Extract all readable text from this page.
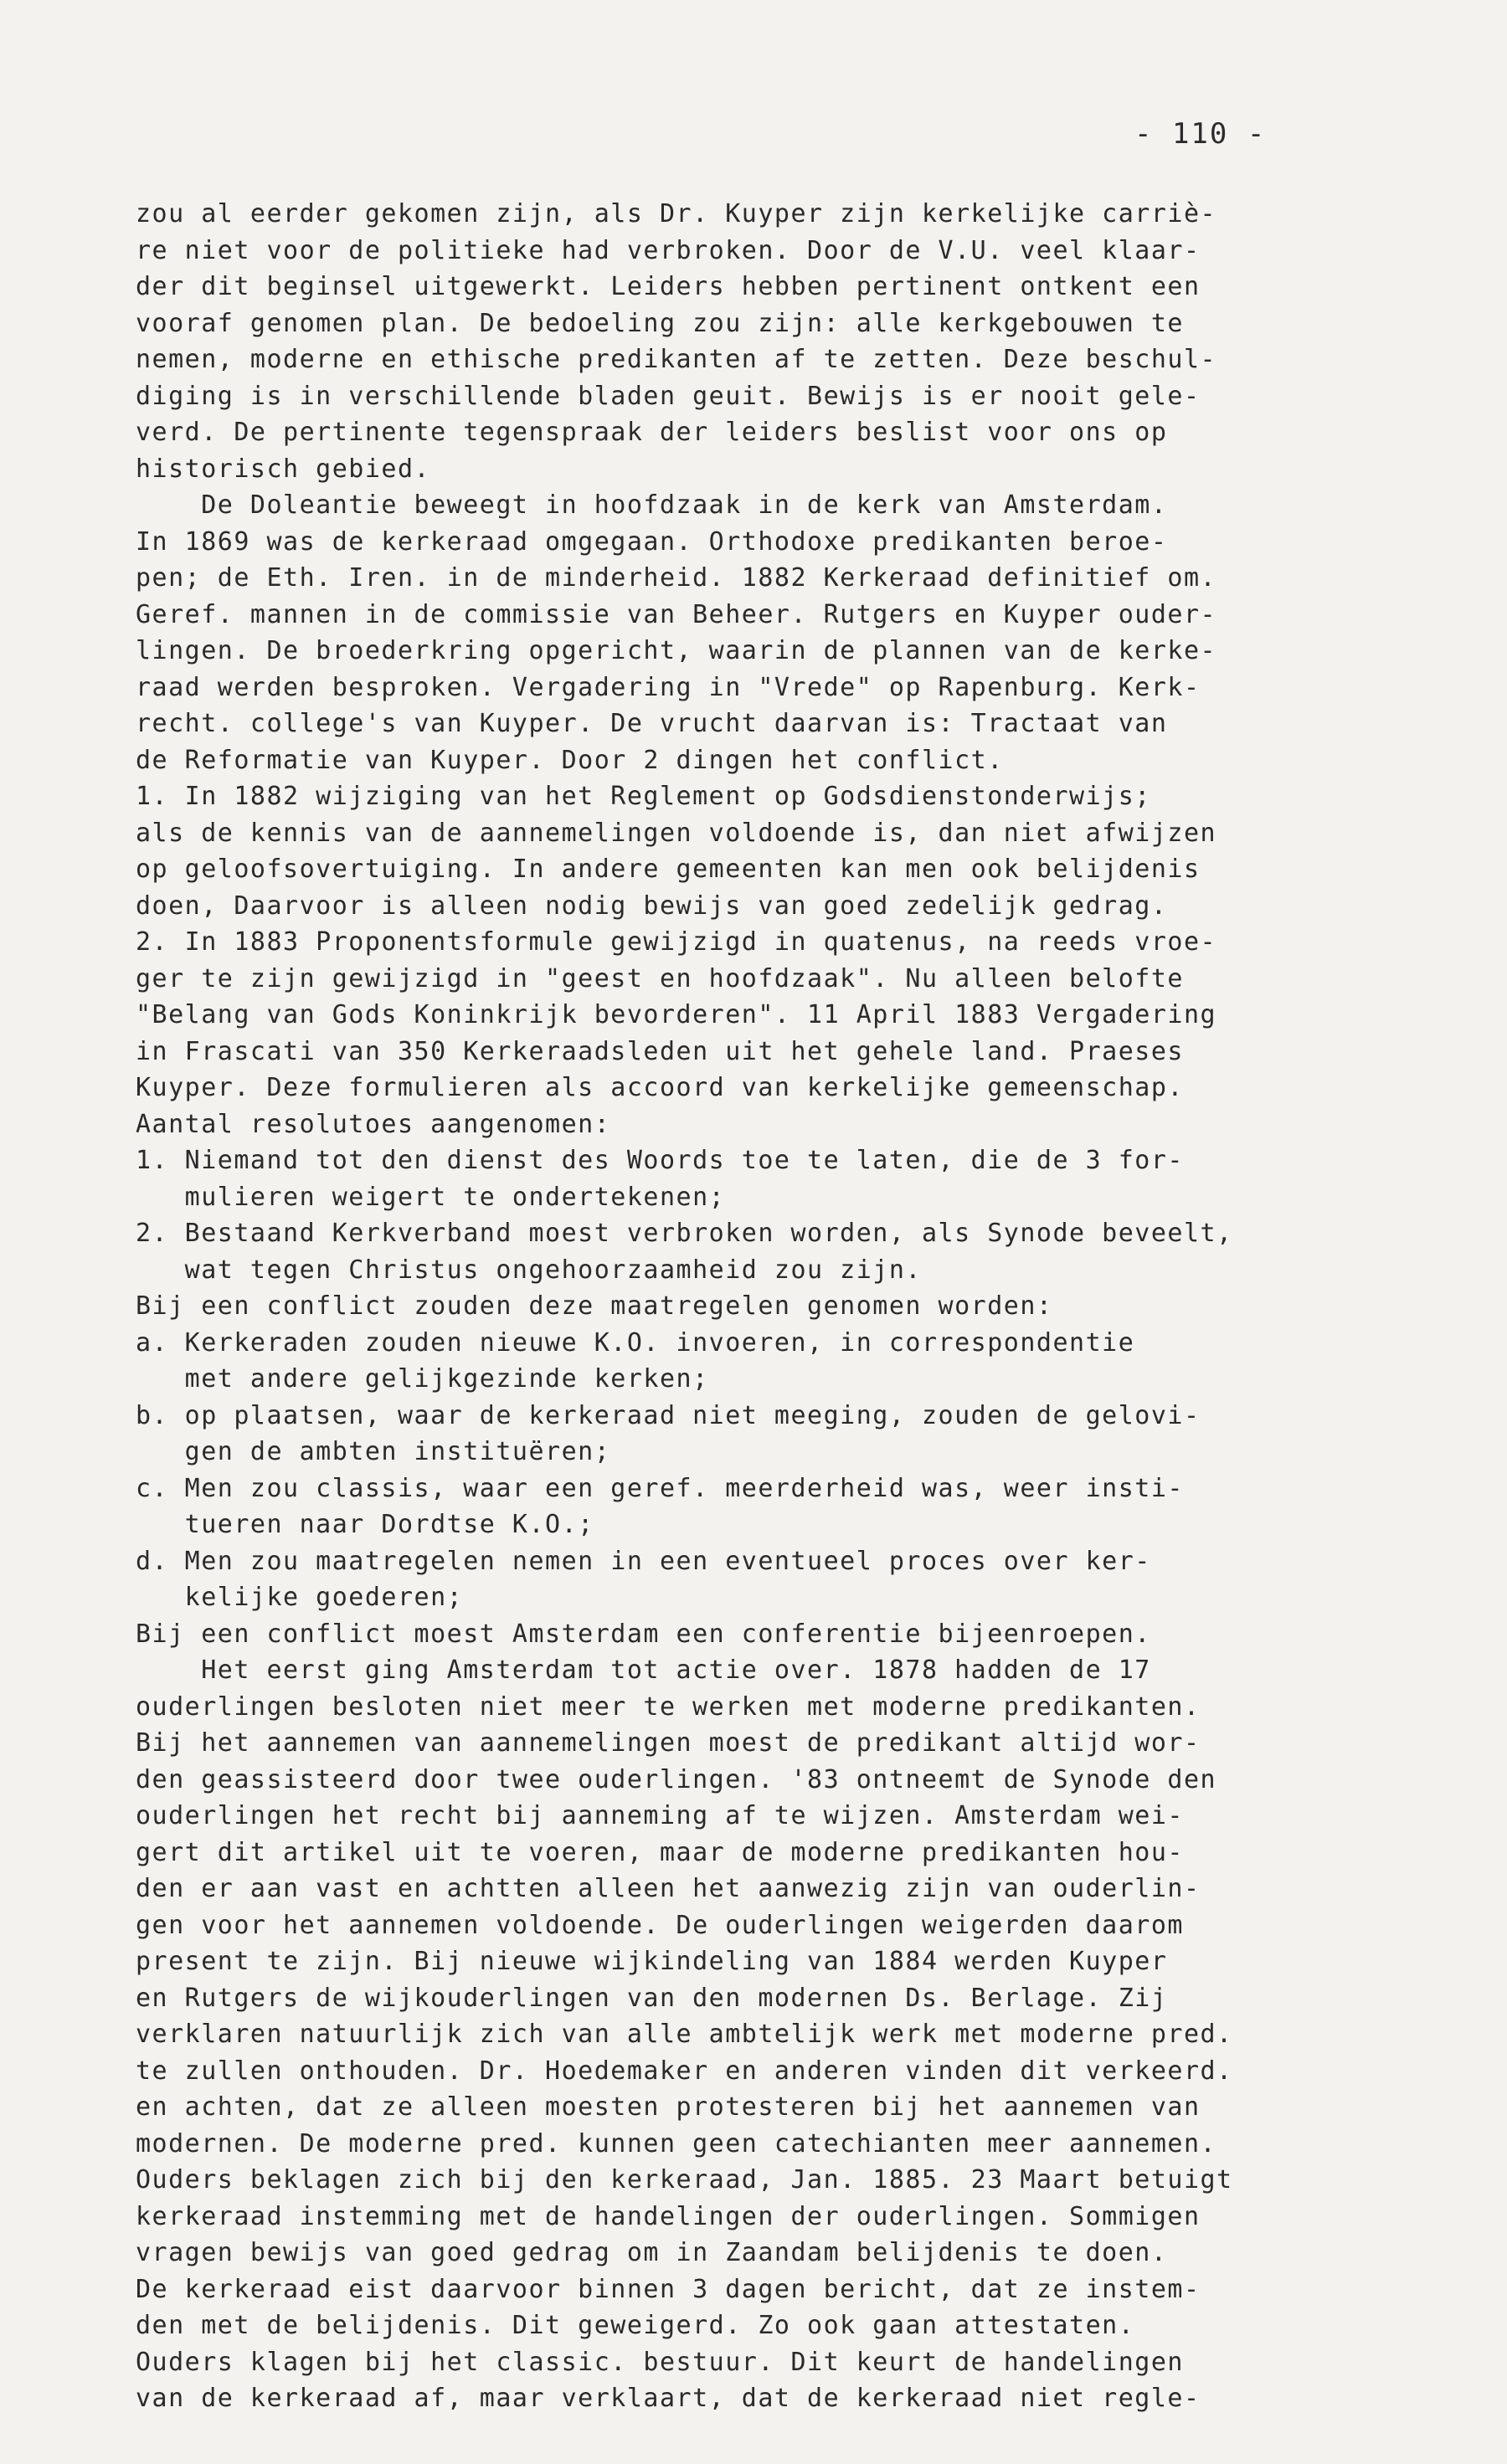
- 110 -
zou al eerder gekomen zijn, als Dr. Kuyper zijn kerkelijke carriè-
re niet voor de politieke had verbroken. Door de V.U. veel klaar-
der dit beginsel uitgewerkt. Leiders hebben pertinent ontkent een
vooraf genomen plan. De bedoeling zou zijn: alle kerkgebouwen te
nemen, moderne en ethische predikanten af te zetten. Deze beschul-
diging is in verschillende bladen geuit. Bewijs is er nooit gele-
verd. De pertinente tegenspraak der leiders beslist voor ons op
historisch gebied.
De Doleantie beweegt in hoofdzaak in de kerk van Amsterdam.
In 1869 was de kerkeraad omgegaan. Orthodoxe predikanten beroe-
pen; de Eth. Iren. in de minderheid. 1882 Kerkeraad definitief om.
Geref. mannen in de commissie van Beheer. Rutgers en Kuyper ouder-
lingen. De broederkring opgericht, waarin de plannen van de kerke-
raad werden besproken. Vergadering in "Vrede" op Rapenburg. Kerk-
recht. college's van Kuyper. De vrucht daarvan is: Tractaat van
de Reformatie van Kuyper. Door 2 dingen het conflict.
1. In 1882 wijziging van het Reglement op Godsdienstonderwijs;
als de kennis van de aannemelingen voldoende is, dan niet afwijzen
op geloofsovertuiging. In andere gemeenten kan men ook belijdenis
doen, Daarvoor is alleen nodig bewijs van goed zedelijk gedrag.
2. In 1883 Proponentsformule gewijzigd in quatenus, na reeds vroe-
ger te zijn gewijzigd in "geest en hoofdzaak". Nu alleen belofte
"Belang van Gods Koninkrijk bevorderen". 11 April 1883 Vergadering
in Frascati van 350 Kerkeraadsleden uit het gehele land. Praeses
Kuyper. Deze formulieren als accoord van kerkelijke gemeenschap.
Aantal resolutoes aangenomen:
1. Niemand tot den dienst des Woords toe te laten, die de 3 for-
mulieren weigert te ondertekenen;
2. Bestaand Kerkverband moest verbroken worden, als Synode beveelt,
wat tegen Christus ongehoorzaamheid zou zijn.
Bij een conflict zouden deze maatregelen genomen worden:
a. Kerkeraden zouden nieuwe K.O. invoeren, in correspondentie
met andere gelijkgezinde kerken;
b. op plaatsen, waar de kerkeraad niet meeging, zouden de gelovi-
gen de ambten instituëren;
c. Men zou classis, waar een geref. meerderheid was, weer insti-
tueren naar Dordtse K.O.;
d. Men zou maatregelen nemen in een eventueel proces over ker-
kelijke goederen;
Bij een conflict moest Amsterdam een conferentie bijeenroepen.
Het eerst ging Amsterdam tot actie over. 1878 hadden de 17
ouderlingen besloten niet meer te werken met moderne predikanten.
Bij het aannemen van aannemelingen moest de predikant altijd wor-
den geassisteerd door twee ouderlingen. '83 ontneemt de Synode den
ouderlingen het recht bij aanneming af te wijzen. Amsterdam wei-
gert dit artikel uit te voeren, maar de moderne predikanten hou-
den er aan vast en achtten alleen het aanwezig zijn van ouderlin-
gen voor het aannemen voldoende. De ouderlingen weigerden daarom
present te zijn. Bij nieuwe wijkindeling van 1884 werden Kuyper
en Rutgers de wijkouderlingen van den modernen Ds. Berlage. Zij
verklaren natuurlijk zich van alle ambtelijk werk met moderne pred.
te zullen onthouden. Dr. Hoedemaker en anderen vinden dit verkeerd.
en achten, dat ze alleen moesten protesteren bij het aannemen van
modernen. De moderne pred. kunnen geen catechianten meer aannemen.
Ouders beklagen zich bij den kerkeraad, Jan. 1885. 23 Maart betuigt
kerkeraad instemming met de handelingen der ouderlingen. Sommigen
vragen bewijs van goed gedrag om in Zaandam belijdenis te doen.
De kerkeraad eist daarvoor binnen 3 dagen bericht, dat ze instem-
den met de belijdenis. Dit geweigerd. Zo ook gaan attestaten.
Ouders klagen bij het classic. bestuur. Dit keurt de handelingen
van de kerkeraad af, maar verklaart, dat de kerkeraad niet regle-
